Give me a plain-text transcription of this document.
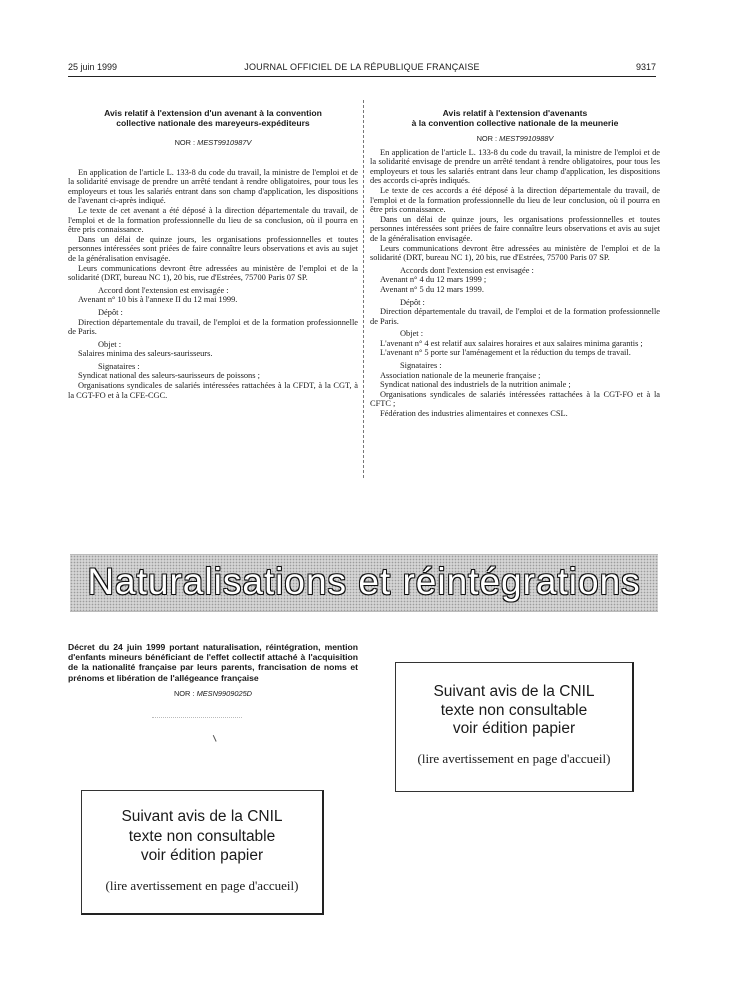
25 juin 1999	JOURNAL OFFICIEL DE LA RÉPUBLIQUE FRANÇAISE	9317
Avis relatif à l'extension d'un avenant à la convention
collective nationale des mareyeurs-expéditeurs
NOR : MEST9910987V

En application de l'article L. 133-8 du code du travail, la ministre de l'emploi et de la solidarité envisage de prendre un arrêté tendant à rendre obligatoires, pour tous les employeurs et tous les salariés entrant dans son champ d'application, les dispositions de l'avenant ci-après indiqué.

Le texte de cet avenant a été déposé à la direction départementale du travail, de l'emploi et de la formation professionnelle du lieu de sa conclusion, où il pourra en être pris connaissance.

Dans un délai de quinze jours, les organisations professionnelles et toutes personnes intéressées sont priées de faire connaître leurs observations et avis au sujet de la généralisation envisagée.

Leurs communications devront être adressées au ministère de l'emploi et de la solidarité (DRT, bureau NC 1), 20 bis, rue d'Estrées, 75700 Paris 07 SP.

Accord dont l'extension est envisagée :

Avenant n° 10 bis à l'annexe II du 12 mai 1999.

Dépôt :

Direction départementale du travail, de l'emploi et de la formation professionnelle de Paris.

Objet :

Salaires minima des saleurs-saurisseurs.

Signataires :

Syndicat national des saleurs-saurisseurs de poissons ;

Organisations syndicales de salariés intéressées rattachées à la CFDT, à la CGT, à la CGT-FO et à la CFE-CGC.

Avis relatif à l'extension d'avenants
à la convention collective nationale de la meunerie
NOR : MEST9910988V

En application de l'article L. 133-8 du code du travail, la ministre de l'emploi et de la solidarité envisage de prendre un arrêté tendant à rendre obligatoires, pour tous les employeurs et tous les salariés entrant dans leur champ d'application, les dispositions des accords ci-après indiqués.

Le texte de ces accords a été déposé à la direction départementale du travail, de l'emploi et de la formation professionnelle du lieu de leur conclusion, où il pourra en être pris connaissance.

Dans un délai de quinze jours, les organisations professionnelles et toutes personnes intéressées sont priées de faire connaître leurs observations et avis au sujet de la généralisation envisagée.

Leurs communications devront être adressées au ministère de l'emploi et de la solidarité (DRT, bureau NC 1), 20 bis, rue d'Estrées, 75700 Paris 07 SP.

Accords dont l'extension est envisagée :

Avenant n° 4 du 12 mars 1999 ;

Avenant n° 5 du 12 mars 1999.

Dépôt :

Direction départementale du travail, de l'emploi et de la formation professionnelle de Paris.

Objet :

L'avenant n° 4 est relatif aux salaires horaires et aux salaires minima garantis ;

L'avenant n° 5 porte sur l'aménagement et la réduction du temps de travail.

Signataires :

Association nationale de la meunerie française ;

Syndicat national des industriels de la nutrition animale ;

Organisations syndicales de salariés intéressées rattachées à la CGT-FO et à la CFTC ;

Fédération des industries alimentaires et connexes CSL.

Naturalisations et réintégrations
Décret du 24 juin 1999 portant naturalisation, réintégration, mention d'enfants mineurs bénéficiant de l'effet collectif attaché à l'acquisition de la nationalité française par leurs parents, francisation de noms et prénoms et libération de l'allégeance française
NOR : MESN9909025D	Suivant avis de la CNIL
texte non consultable
voir édition papier
(lire avertissement en page d'accueil)
Suivant avis de la CNIL
texte non consultable
voir édition papier
(lire avertissement en page d'accueil)
